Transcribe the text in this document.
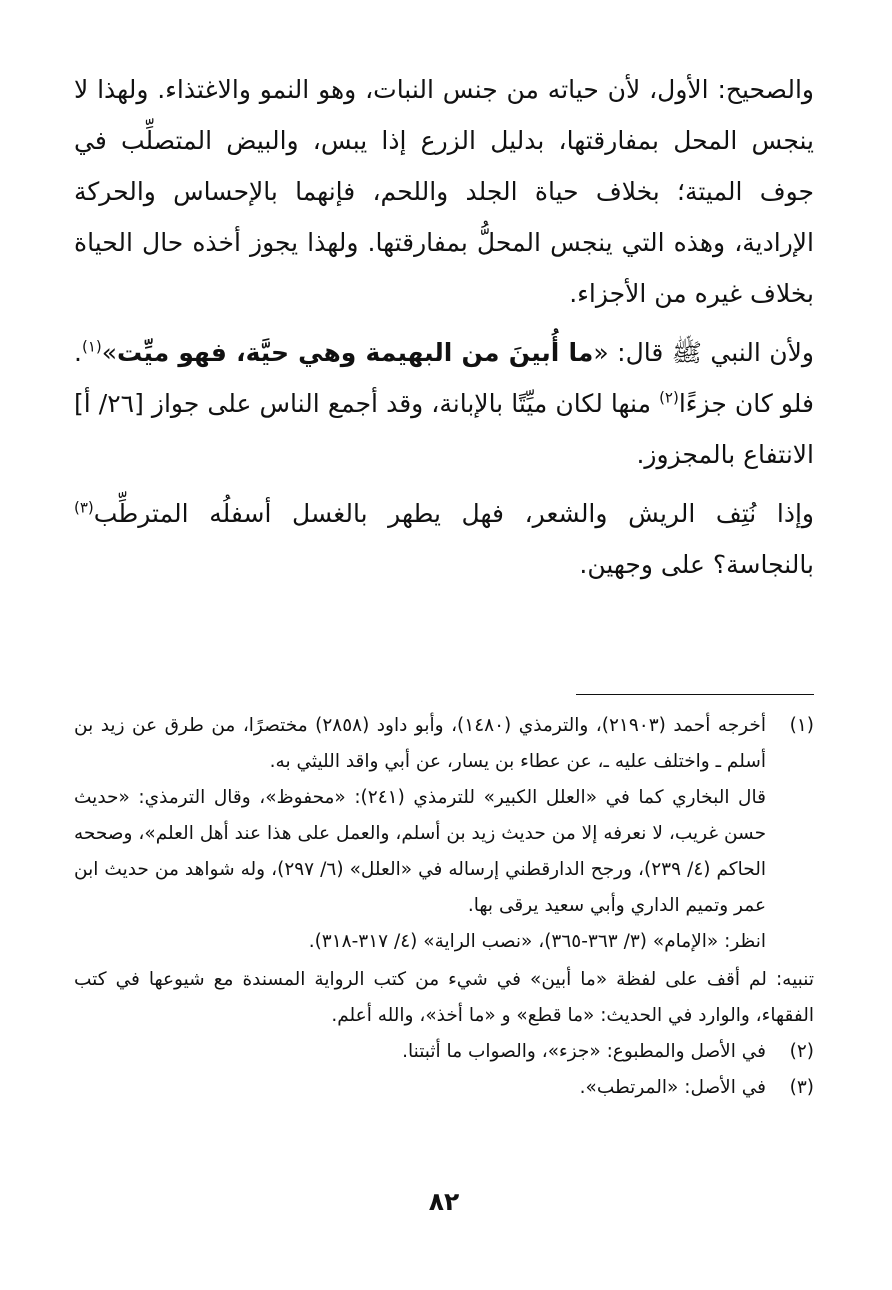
والصحيح: الأول، لأن حياته من جنس النبات، وهو النمو والاغتذاء. ولهذا لا ينجس المحل بمفارقتها، بدليل الزرع إذا يبس، والبيض المتصلِّب في جوف الميتة؛ بخلاف حياة الجلد واللحم، فإنهما بالإحساس والحركة الإرادية، وهذه التي ينجس المحلُّ بمفارقتها. ولهذا يجوز أخذه حال الحياة بخلاف غيره من الأجزاء.

ولأن النبي ﷺ قال: «ما أُبينَ من البهيمة وهي حيَّة، فهو ميِّت»$^{(١)}$. فلو كان جزءًا$^{(٢)}$ منها لكان ميِّتًا بالإبانة، وقد أجمع الناس على جواز [٢٦/ أ] الانتفاع بالمجزوز.

وإذا نُتِف الريش والشعر، فهل يطهر بالغسل أسفلُه المترطِّب$^{(٣)}$ بالنجاسة؟ على وجهين.

(١)
أخرجه أحمد (٢١٩٠٣)، والترمذي (١٤٨٠)، وأبو داود (٢٨٥٨) مختصرًا، من طرق عن زيد بن أسلم ـ واختلف عليه ـ، عن عطاء بن يسار، عن أبي واقد الليثي به.
قال البخاري كما في «العلل الكبير» للترمذي (٢٤١): «محفوظ»، وقال الترمذي: «حديث حسن غريب، لا نعرفه إلا من حديث زيد بن أسلم، والعمل على هذا عند أهل العلم»، وصححه الحاكم (٤/ ٢٣٩)، ورجح الدارقطني إرساله في «العلل» (٦/ ٢٩٧)، وله شواهد من حديث ابن عمر وتميم الداري وأبي سعيد يرقى بها.
انظر: «الإمام» (٣/ ٣٦٣-٣٦٥)، «نصب الراية» (٤/ ٣١٧-٣١٨).
تنبيه: لم أقف على لفظة «ما أبين» في شيء من كتب الرواية المسندة مع شيوعها في كتب الفقهاء، والوارد في الحديث: «ما قطع» و «ما أخذ»، والله أعلم.
(٢)
في الأصل والمطبوع: «جزء»، والصواب ما أثبتنا.
(٣)
في الأصل: «المرتطب».
٨٢
